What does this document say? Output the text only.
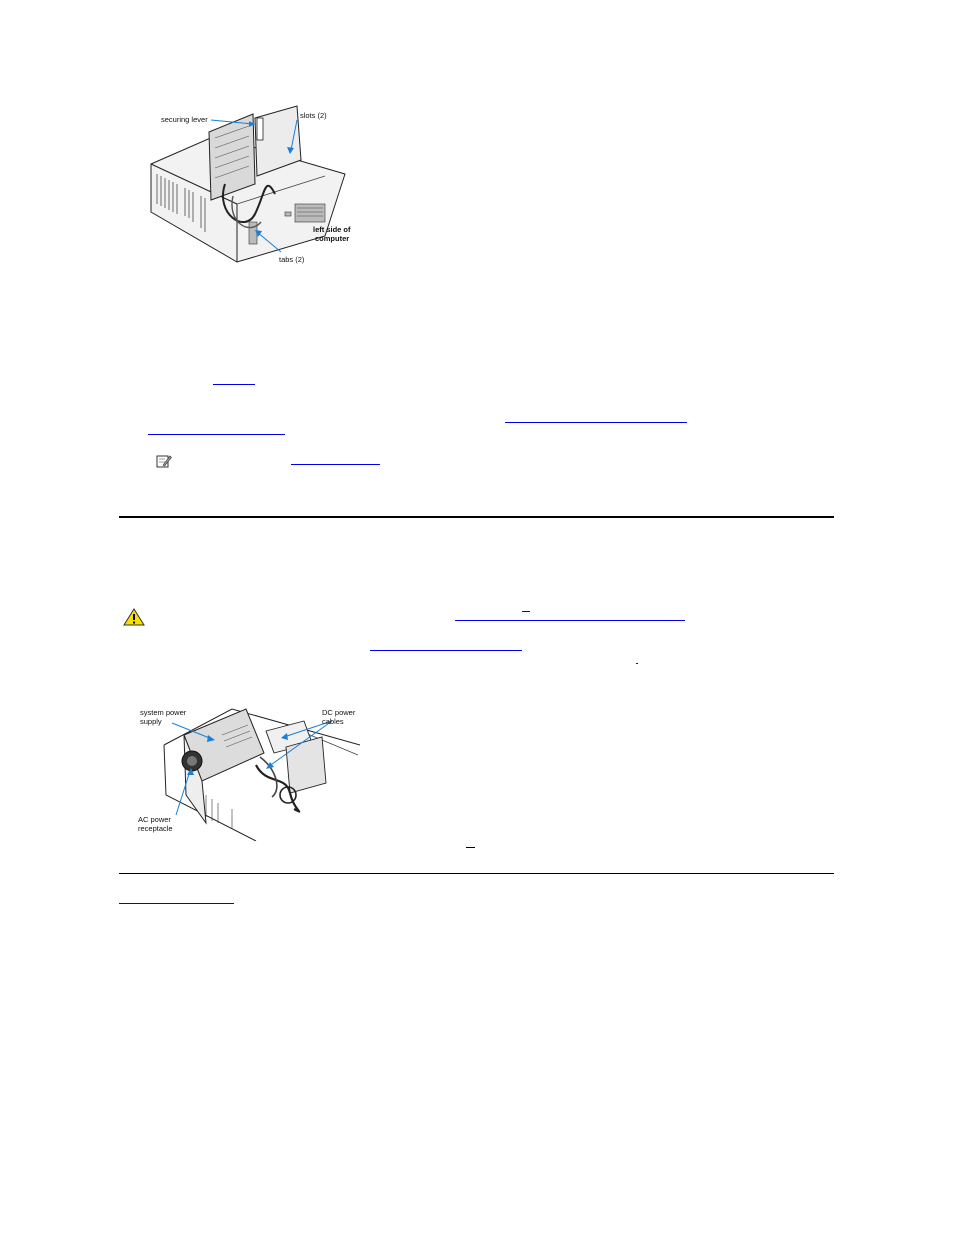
securing lever	slots (2)
left side of
computer
tabs (2)
system power
supply
DC power
cables
AC power
receptacle
